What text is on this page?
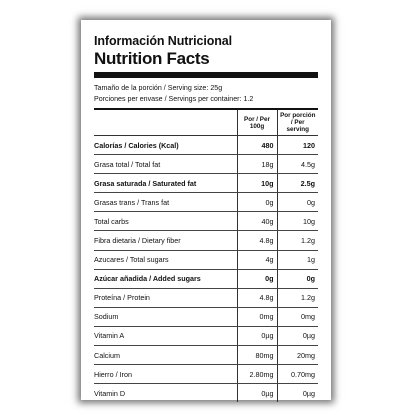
Información Nutricional
Nutrition Facts
Tamaño de la porción / Serving size: 25g
Porciones per envase / Servings per container: 1.2
	Por / Per 100g	Por porción / Per serving
Calorías / Calories (Kcal)	480	120
Grasa total / Total fat	18g	4.5g
Grasa saturada / Saturated fat	10g	2.5g
Grasas trans / Trans fat	0g	0g
Total carbs	40g	10g
Fibra dietaria / Dietary fiber	4.8g	1.2g
Azucares / Total sugars	4g	1g
Azúcar añadida / Added sugars	0g	0g
Proteína / Protein	4.8g	1.2g
Sodium	0mg	0mg
Vitamin A	0µg	0µg
Calcium	80mg	20mg
Hierro / Iron	2.80mg	0.70mg
Vitamin D	0µg	0µg
